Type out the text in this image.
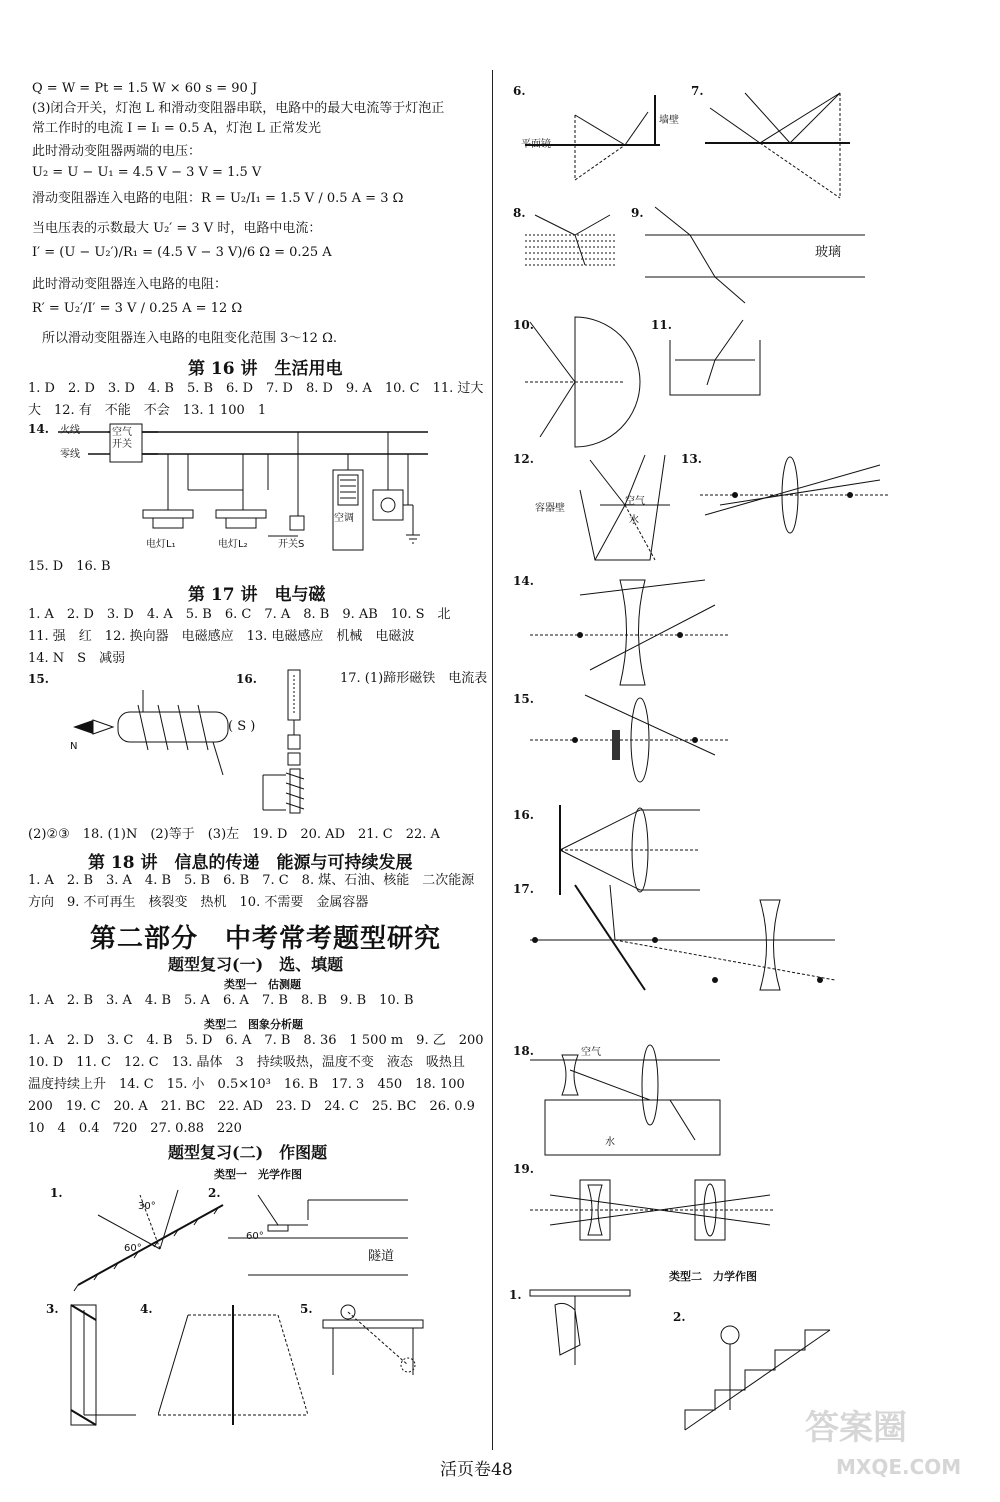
Q = W = Pt = 1.5 W × 60 s = 90 J
(3)闭合开关，灯泡 L 和滑动变阻器串联，电路中的最大电流等于灯泡正
常工作时的电流 I = Iₗ = 0.5 A，灯泡 L 正常发光
此时滑动变阻器两端的电压：
U₂ = U − U₁ = 4.5 V − 3 V = 1.5 V
滑动变阻器连入电路的电阻：R = U₂/I₁ = 1.5 V / 0.5 A = 3 Ω
当电压表的示数最大 U₂′ = 3 V 时，电路中电流：
I′ = (U − U₂′)/R₁ = (4.5 V − 3 V)/6 Ω = 0.25 A
此时滑动变阻器连入电路的电阻：
R′ = U₂′/I′ = 3 V / 0.25 A = 12 Ω
所以滑动变阻器连入电路的电阻变化范围 3～12 Ω.
第 16 讲　生活用电
1. D　2. D　3. D　4. B　5. B　6. D　7. D　8. D　9. A　10. C　11. 过大
大　12. 有　不能　不会　13. 1 100　1
14. 火线
零线
空气开关
电灯L₁	电灯L₂	开关S
空调
15. D　16. B
第 17 讲　电与磁
1. A　2. D　3. D　4. A　5. B　6. C　7. A　8. B　9. AB　10. S　北
11. 强　红　12. 换向器　电磁感应　13. 电磁感应　机械　电磁波
14. N　S　减弱
15.	16.	17. (1)蹄形磁铁　电流表
( S )
N
(2)②③　18. (1)N　(2)等于　(3)左　19. D　20. AD　21. C　22. A
第 18 讲　信息的传递　能源与可持续发展
1. A　2. B　3. A　4. B　5. B　6. B　7. C　8. 煤、石油、核能　二次能源
方向　9. 不可再生　核裂变　热机　10. 不需要　金属容器
第二部分　中考常考题型研究
题型复习(一)　选、填题
类型一　估测题
1. A　2. B　3. A　4. B　5. A　6. A　7. B　8. B　9. B　10. B
类型二　图象分析题
1. A　2. D　3. C　4. B　5. D　6. A　7. B　8. 36　1 500 m　9. 乙　200
10. D　11. C　12. C　13. 晶体　3　持续吸热，温度不变　液态　吸热且
温度持续上升　14. C　15. 小　0.5×10³　16. B　17. 3　450　18. 100
200　19. C　20. A　21. BC　22. AD　23. D　24. C　25. BC　26. 0.9
10　4　0.4　720　27. 0.88　220
题型复习(二)　作图题
类型一　光学作图
1.
30°
60°
2.
60°
隧道
3.	4.	5.
6.
平面镜
墙壁
7.
8.	9.
玻璃
10.	11.
12.
容器壁
空气
水
13.
14.
15.
16.
17.
18.	空气
水
19.
类型二　力学作图
1.
2.
活页卷48
答案圈
MXQE.COM
